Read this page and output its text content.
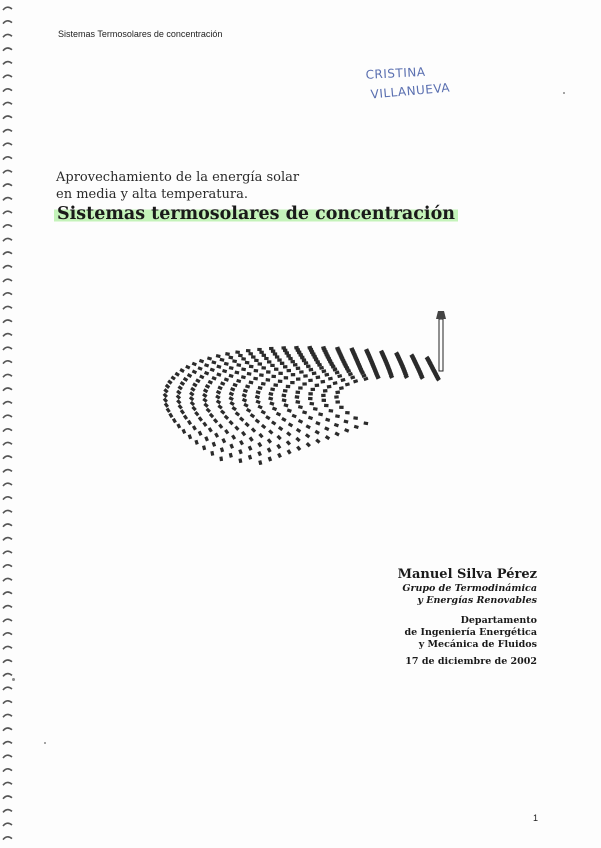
Sistemas Termosolares de concentración
CRISTINA
VILLANUEVA
Aprovechamiento de la energía solar
en media y alta temperatura.
Sistemas termosolares de concentración
Manuel Silva Pérez
Grupo de Termodinámica
y Energías Renovables
Departamento
de Ingeniería Energética
y Mecánica de Fluidos
17 de diciembre de 2002
1
